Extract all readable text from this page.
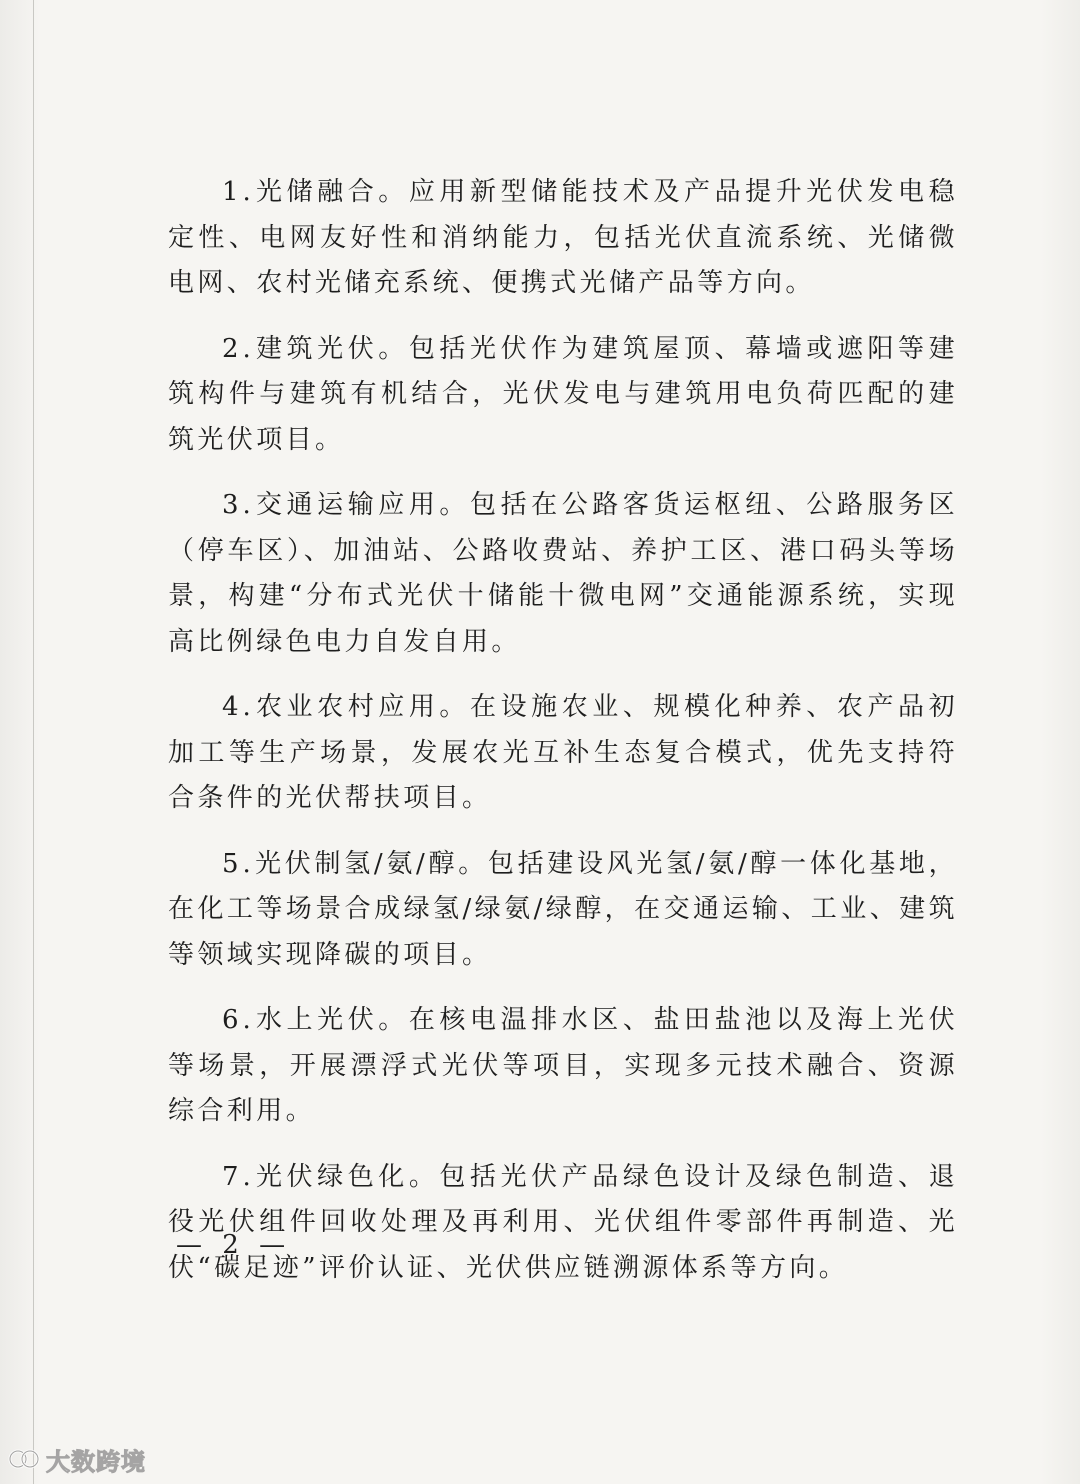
1.光储融合。应用新型储能技术及产品提升光伏发电稳定性、电网友好性和消纳能力，包括光伏直流系统、光储微电网、农村光储充系统、便携式光储产品等方向。

2.建筑光伏。包括光伏作为建筑屋顶、幕墙或遮阳等建筑构件与建筑有机结合，光伏发电与建筑用电负荷匹配的建筑光伏项目。

3.交通运输应用。包括在公路客货运枢纽、公路服务区（停车区）、加油站、公路收费站、养护工区、港口码头等场景，构建“分布式光伏十储能十微电网”交通能源系统，实现高比例绿色电力自发自用。

4.农业农村应用。在设施农业、规模化种养、农产品初加工等生产场景，发展农光互补生态复合模式，优先支持符合条件的光伏帮扶项目。

5.光伏制氢/氨/醇。包括建设风光氢/氨/醇一体化基地，在化工等场景合成绿氢/绿氨/绿醇，在交通运输、工业、建筑等领域实现降碳的项目。

6.水上光伏。在核电温排水区、盐田盐池以及海上光伏等场景，开展漂浮式光伏等项目，实现多元技术融合、资源综合利用。

7.光伏绿色化。包括光伏产品绿色设计及绿色制造、退役光伏组件回收处理及再利用、光伏组件零部件再制造、光伏“碳足迹”评价认证、光伏供应链溯源体系等方向。

— 2 —
大数跨境
